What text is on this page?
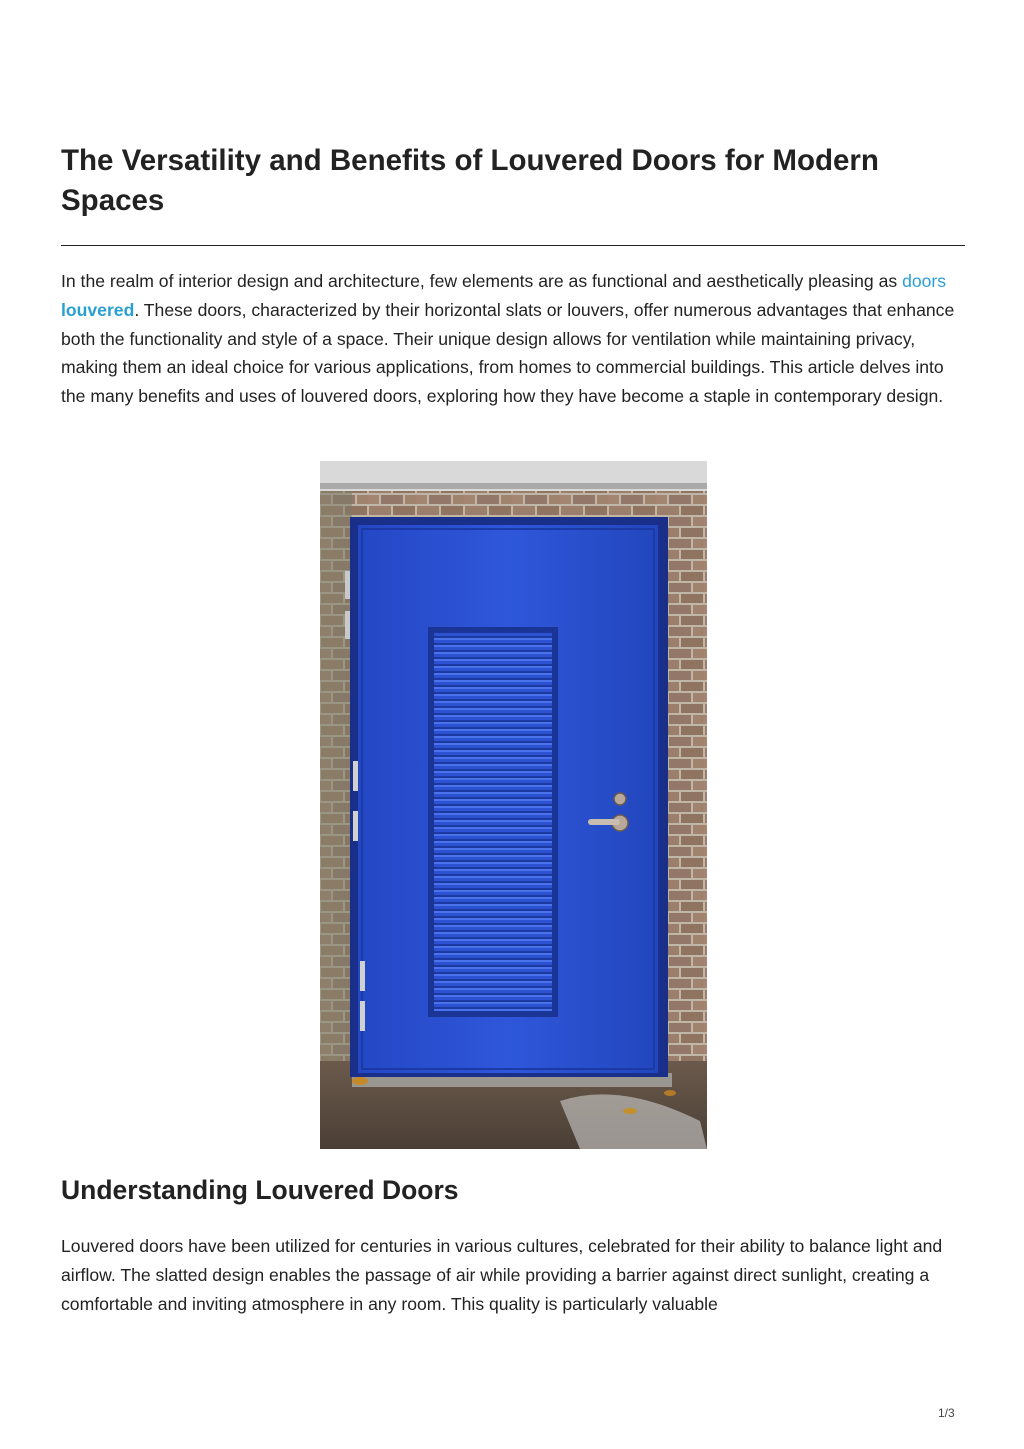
The Versatility and Benefits of Louvered Doors for Modern Spaces

In the realm of interior design and architecture, few elements are as functional and aesthetically pleasing as doors louvered. These doors, characterized by their horizontal slats or louvers, offer numerous advantages that enhance both the functionality and style of a space. Their unique design allows for ventilation while maintaining privacy, making them an ideal choice for various applications, from homes to commercial buildings. This article delves into the many benefits and uses of louvered doors, exploring how they have become a staple in contemporary design.

Understanding Louvered Doors

Louvered doors have been utilized for centuries in various cultures, celebrated for their ability to balance light and airflow. The slatted design enables the passage of air while providing a barrier against direct sunlight, creating a comfortable and inviting atmosphere in any room. This quality is particularly valuable

1/3
